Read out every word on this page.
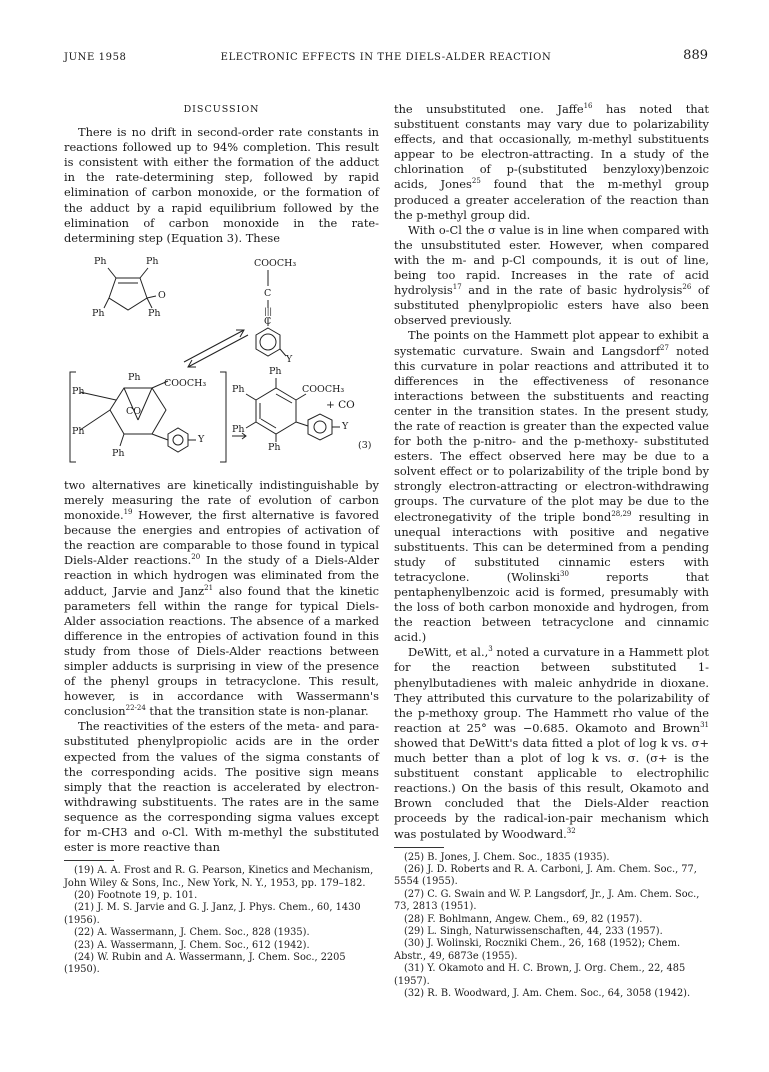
JUNE 1958	ELECTRONIC EFFECTS IN THE DIELS-ALDER REACTION	889
DISCUSSION

There is no drift in second-order rate constants in reactions followed up to 94% completion. This result is consistent with either the formation of the adduct in the rate-determining step, followed by rapid elimination of carbon monoxide, or the formation of the adduct by a rapid equilibrium followed by the elimination of carbon monoxide in the rate-determining step (Equation 3). These

Ph	Ph
O
Ph	Ph
COOCH₃
C
|||
C
Y
Ph
Ph
COOCH₃
CO
Ph
Ph
Y
Ph
Ph	COOCH₃
Ph
Ph
Y
+ CO
(3)

two alternatives are kinetically indistinguishable by merely measuring the rate of evolution of carbon monoxide.$^{19}$ However, the first alternative is favored because the energies and entropies of activation of the reaction are comparable to those found in typical Diels-Alder reactions.$^{20}$ In the study of a Diels-Alder reaction in which hydrogen was eliminated from the adduct, Jarvie and Janz$^{21}$ also found that the kinetic parameters fell within the range for typical Diels-Alder association reactions. The absence of a marked difference in the entropies of activation found in this study from those of Diels-Alder reactions between simpler adducts is surprising in view of the presence of the phenyl groups in tetracyclone. This result, however, is in accordance with Wassermann's conclusion$^{22-24}$ that the transition state is non-planar.

The reactivities of the esters of the meta- and para-substituted phenylpropiolic acids are in the order expected from the values of the sigma constants of the corresponding acids. The positive sign means simply that the reaction is accelerated by electron-withdrawing substituents. The rates are in the same sequence as the corresponding sigma values except for m-CH3 and o-Cl. With m-methyl the substituted ester is more reactive than

(19) A. A. Frost and R. G. Pearson, Kinetics and Mechanism, John Wiley & Sons, Inc., New York, N. Y., 1953, pp. 179–182.
(20) Footnote 19, p. 101.
(21) J. M. S. Jarvie and G. J. Janz, J. Phys. Chem., 60, 1430 (1956).
(22) A. Wassermann, J. Chem. Soc., 828 (1935).
(23) A. Wassermann, J. Chem. Soc., 612 (1942).
(24) W. Rubin and A. Wassermann, J. Chem. Soc., 2205 (1950).

the unsubstituted one. Jaffe$^{16}$ has noted that substituent constants may vary due to polarizability effects, and that occasionally, m-methyl substituents appear to be electron-attracting. In a study of the chlorination of p-(substituted benzyloxy)benzoic acids, Jones$^{25}$ found that the m-methyl group produced a greater acceleration of the reaction than the p-methyl group did.

With o-Cl the σ value is in line when compared with the unsubstituted ester. However, when compared with the m- and p-Cl compounds, it is out of line, being too rapid. Increases in the rate of acid hydrolysis$^{17}$ and in the rate of basic hydrolysis$^{26}$ of substituted phenylpropiolic esters have also been observed previously.

The points on the Hammett plot appear to exhibit a systematic curvature. Swain and Langsdorf$^{27}$ noted this curvature in polar reactions and attributed it to differences in the effectiveness of resonance interactions between the substituents and reacting center in the transition states. In the present study, the rate of reaction is greater than the expected value for both the p-nitro- and the p-methoxy- substituted esters. The effect observed here may be due to a solvent effect or to polarizability of the triple bond by strongly electron-attracting or electron-withdrawing groups. The curvature of the plot may be due to the electronegativity of the triple bond$^{28,29}$ resulting in unequal interactions with positive and negative substituents. This can be determined from a pending study of substituted cinnamic esters with tetracyclone. (Wolinski$^{30}$ reports that pentaphenylbenzoic acid is formed, presumably with the loss of both carbon monoxide and hydrogen, from the reaction between tetracyclone and cinnamic acid.)

DeWitt, et al.,$^3$ noted a curvature in a Hammett plot for the reaction between substituted 1-phenylbutadienes with maleic anhydride in dioxane. They attributed this curvature to the polarizability of the p-methoxy group. The Hammett rho value of the reaction at 25° was −0.685. Okamoto and Brown$^{31}$ showed that DeWitt's data fitted a plot of log k vs. σ+ much better than a plot of log k vs. σ. (σ+ is the substituent constant applicable to electrophilic reactions.) On the basis of this result, Okamoto and Brown concluded that the Diels-Alder reaction proceeds by the radical-ion-pair mechanism which was postulated by Woodward.$^{32}$

(25) B. Jones, J. Chem. Soc., 1835 (1935).
(26) J. D. Roberts and R. A. Carboni, J. Am. Chem. Soc., 77, 5554 (1955).
(27) C. G. Swain and W. P. Langsdorf, Jr., J. Am. Chem. Soc., 73, 2813 (1951).
(28) F. Bohlmann, Angew. Chem., 69, 82 (1957).
(29) L. Singh, Naturwissenschaften, 44, 233 (1957).
(30) J. Wolinski, Roczniki Chem., 26, 168 (1952); Chem. Abstr., 49, 6873e (1955).
(31) Y. Okamoto and H. C. Brown, J. Org. Chem., 22, 485 (1957).
(32) R. B. Woodward, J. Am. Chem. Soc., 64, 3058 (1942).
